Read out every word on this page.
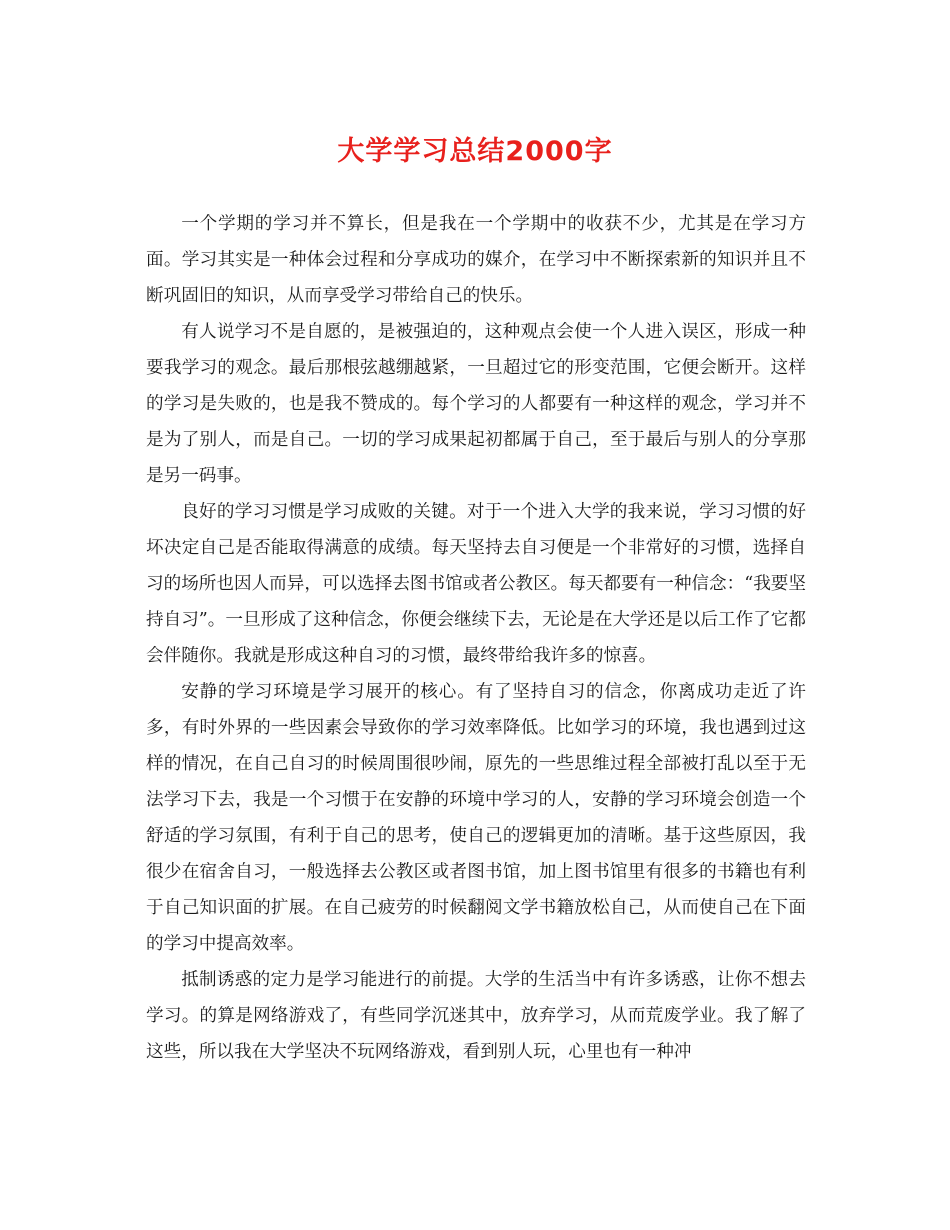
大学学习总结2000字

一个学期的学习并不算长，但是我在一个学期中的收获不少，尤其是在学习方面。学习其实是一种体会过程和分享成功的媒介，在学习中不断探索新的知识并且不断巩固旧的知识，从而享受学习带给自己的快乐。

有人说学习不是自愿的，是被强迫的，这种观点会使一个人进入误区，形成一种要我学习的观念。最后那根弦越绷越紧，一旦超过它的形变范围，它便会断开。这样的学习是失败的，也是我不赞成的。每个学习的人都要有一种这样的观念，学习并不是为了别人，而是自己。一切的学习成果起初都属于自己，至于最后与别人的分享那是另一码事。

良好的学习习惯是学习成败的关键。对于一个进入大学的我来说，学习习惯的好坏决定自己是否能取得满意的成绩。每天坚持去自习便是一个非常好的习惯，选择自习的场所也因人而异，可以选择去图书馆或者公教区。每天都要有一种信念：“我要坚持自习”。一旦形成了这种信念，你便会继续下去，无论是在大学还是以后工作了它都会伴随你。我就是形成这种自习的习惯，最终带给我许多的惊喜。

安静的学习环境是学习展开的核心。有了坚持自习的信念，你离成功走近了许多，有时外界的一些因素会导致你的学习效率降低。比如学习的环境，我也遇到过这样的情况，在自己自习的时候周围很吵闹，原先的一些思维过程全部被打乱以至于无法学习下去，我是一个习惯于在安静的环境中学习的人，安静的学习环境会创造一个舒适的学习氛围，有利于自己的思考，使自己的逻辑更加的清晰。基于这些原因，我很少在宿舍自习，一般选择去公教区或者图书馆，加上图书馆里有很多的书籍也有利于自己知识面的扩展。在自己疲劳的时候翻阅文学书籍放松自己，从而使自己在下面的学习中提高效率。

抵制诱惑的定力是学习能进行的前提。大学的生活当中有许多诱惑，让你不想去学习。的算是网络游戏了，有些同学沉迷其中，放弃学习，从而荒废学业。我了解了这些，所以我在大学坚决不玩网络游戏，看到别人玩，心里也有一种冲
